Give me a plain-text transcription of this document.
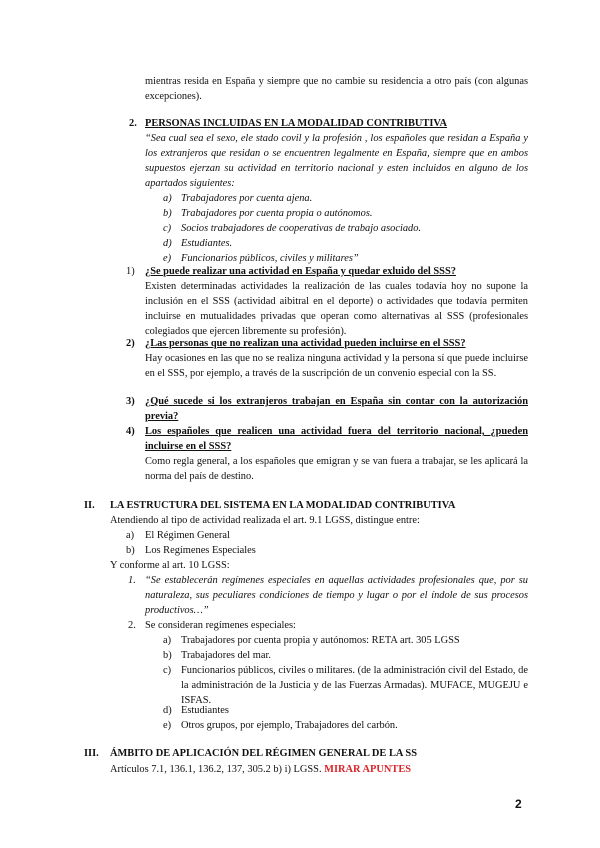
mientras resida en España y siempre que no cambie su residencia a otro país (con algunas excepciones).
2. PERSONAS INCLUIDAS EN LA MODALIDAD CONTRIBUTIVA
“Sea cual sea el sexo, ele stado covil y la profesión , los españoles que residan a España y los extranjeros que residan o se encuentren legalmente en España, siempre que en ambos supuestos ejerzan su actividad en territorio nacional y esten incluidos en alguno de los apartados siguientes:
a) Trabajadores por cuenta ajena.
b) Trabajadores por cuenta propia o autónomos.
c) Socios trabajadores de cooperativas de trabajo asociado.
d) Estudiantes.
e) Funcionarios públicos, civiles y militares”
1) ¿Se puede realizar una actividad en España y quedar exluido del SSS?
Existen determinadas actividades la realización de las cuales todavía hoy no supone la inclusión en el SSS (actividad aibitral en el deporte) o actividades que todavía permiten incluirse en mutualidades privadas que operan como alternativas al SSS (profesionales colegiados que ejercen libremente su profesión).
2) ¿Las personas que no realizan una actividad pueden incluirse en el SSS?
Hay ocasiones en las que no se realiza ninguna actividad y la persona sí que puede incluirse en el SSS, por ejemplo, a través de la suscripción de un convenio especial con la SS.
3) ¿Qué sucede si los extranjeros trabajan en España sin contar con la autorización previa?
4) Los españoles que realicen una actividad fuera del territorio nacional, ¿pueden incluirse en el SSS?
Como regla general, a los españoles que emigran y se van fuera a trabajar, se les aplicará la norma del país de destino.
II. LA ESTRUCTURA DEL SISTEMA EN LA MODALIDAD CONTRIBUTIVA
Atendiendo al tipo de actividad realizada el art. 9.1 LGSS, distingue entre:
a) El Régimen General
b) Los Regímenes Especiales
Y conforme al art. 10 LGSS:
1. “Se establecerán regímenes especiales en aquellas actividades profesionales que, por su naturaleza, sus peculiares condiciones de tiempo y lugar o por el índole de sus procesos productivos…”
2. Se consideran regímenes especiales:
a) Trabajadores por cuenta propia y autónomos: RETA art. 305 LGSS
b) Trabajadores del mar.
c) Funcionarios públicos, civiles o militares. (de la administración civil del Estado, de la administración de la Justicia y de las Fuerzas Armadas). MUFACE, MUGEJU e ISFAS.
d) Estudiantes
e) Otros grupos, por ejemplo, Trabajadores del carbón.
III. ÁMBITO DE APLICACIÓN DEL RÉGIMEN GENERAL DE LA SS
Artículos 7.1, 136.1, 136.2, 137, 305.2 b) i) LGSS. MIRAR APUNTES
2
